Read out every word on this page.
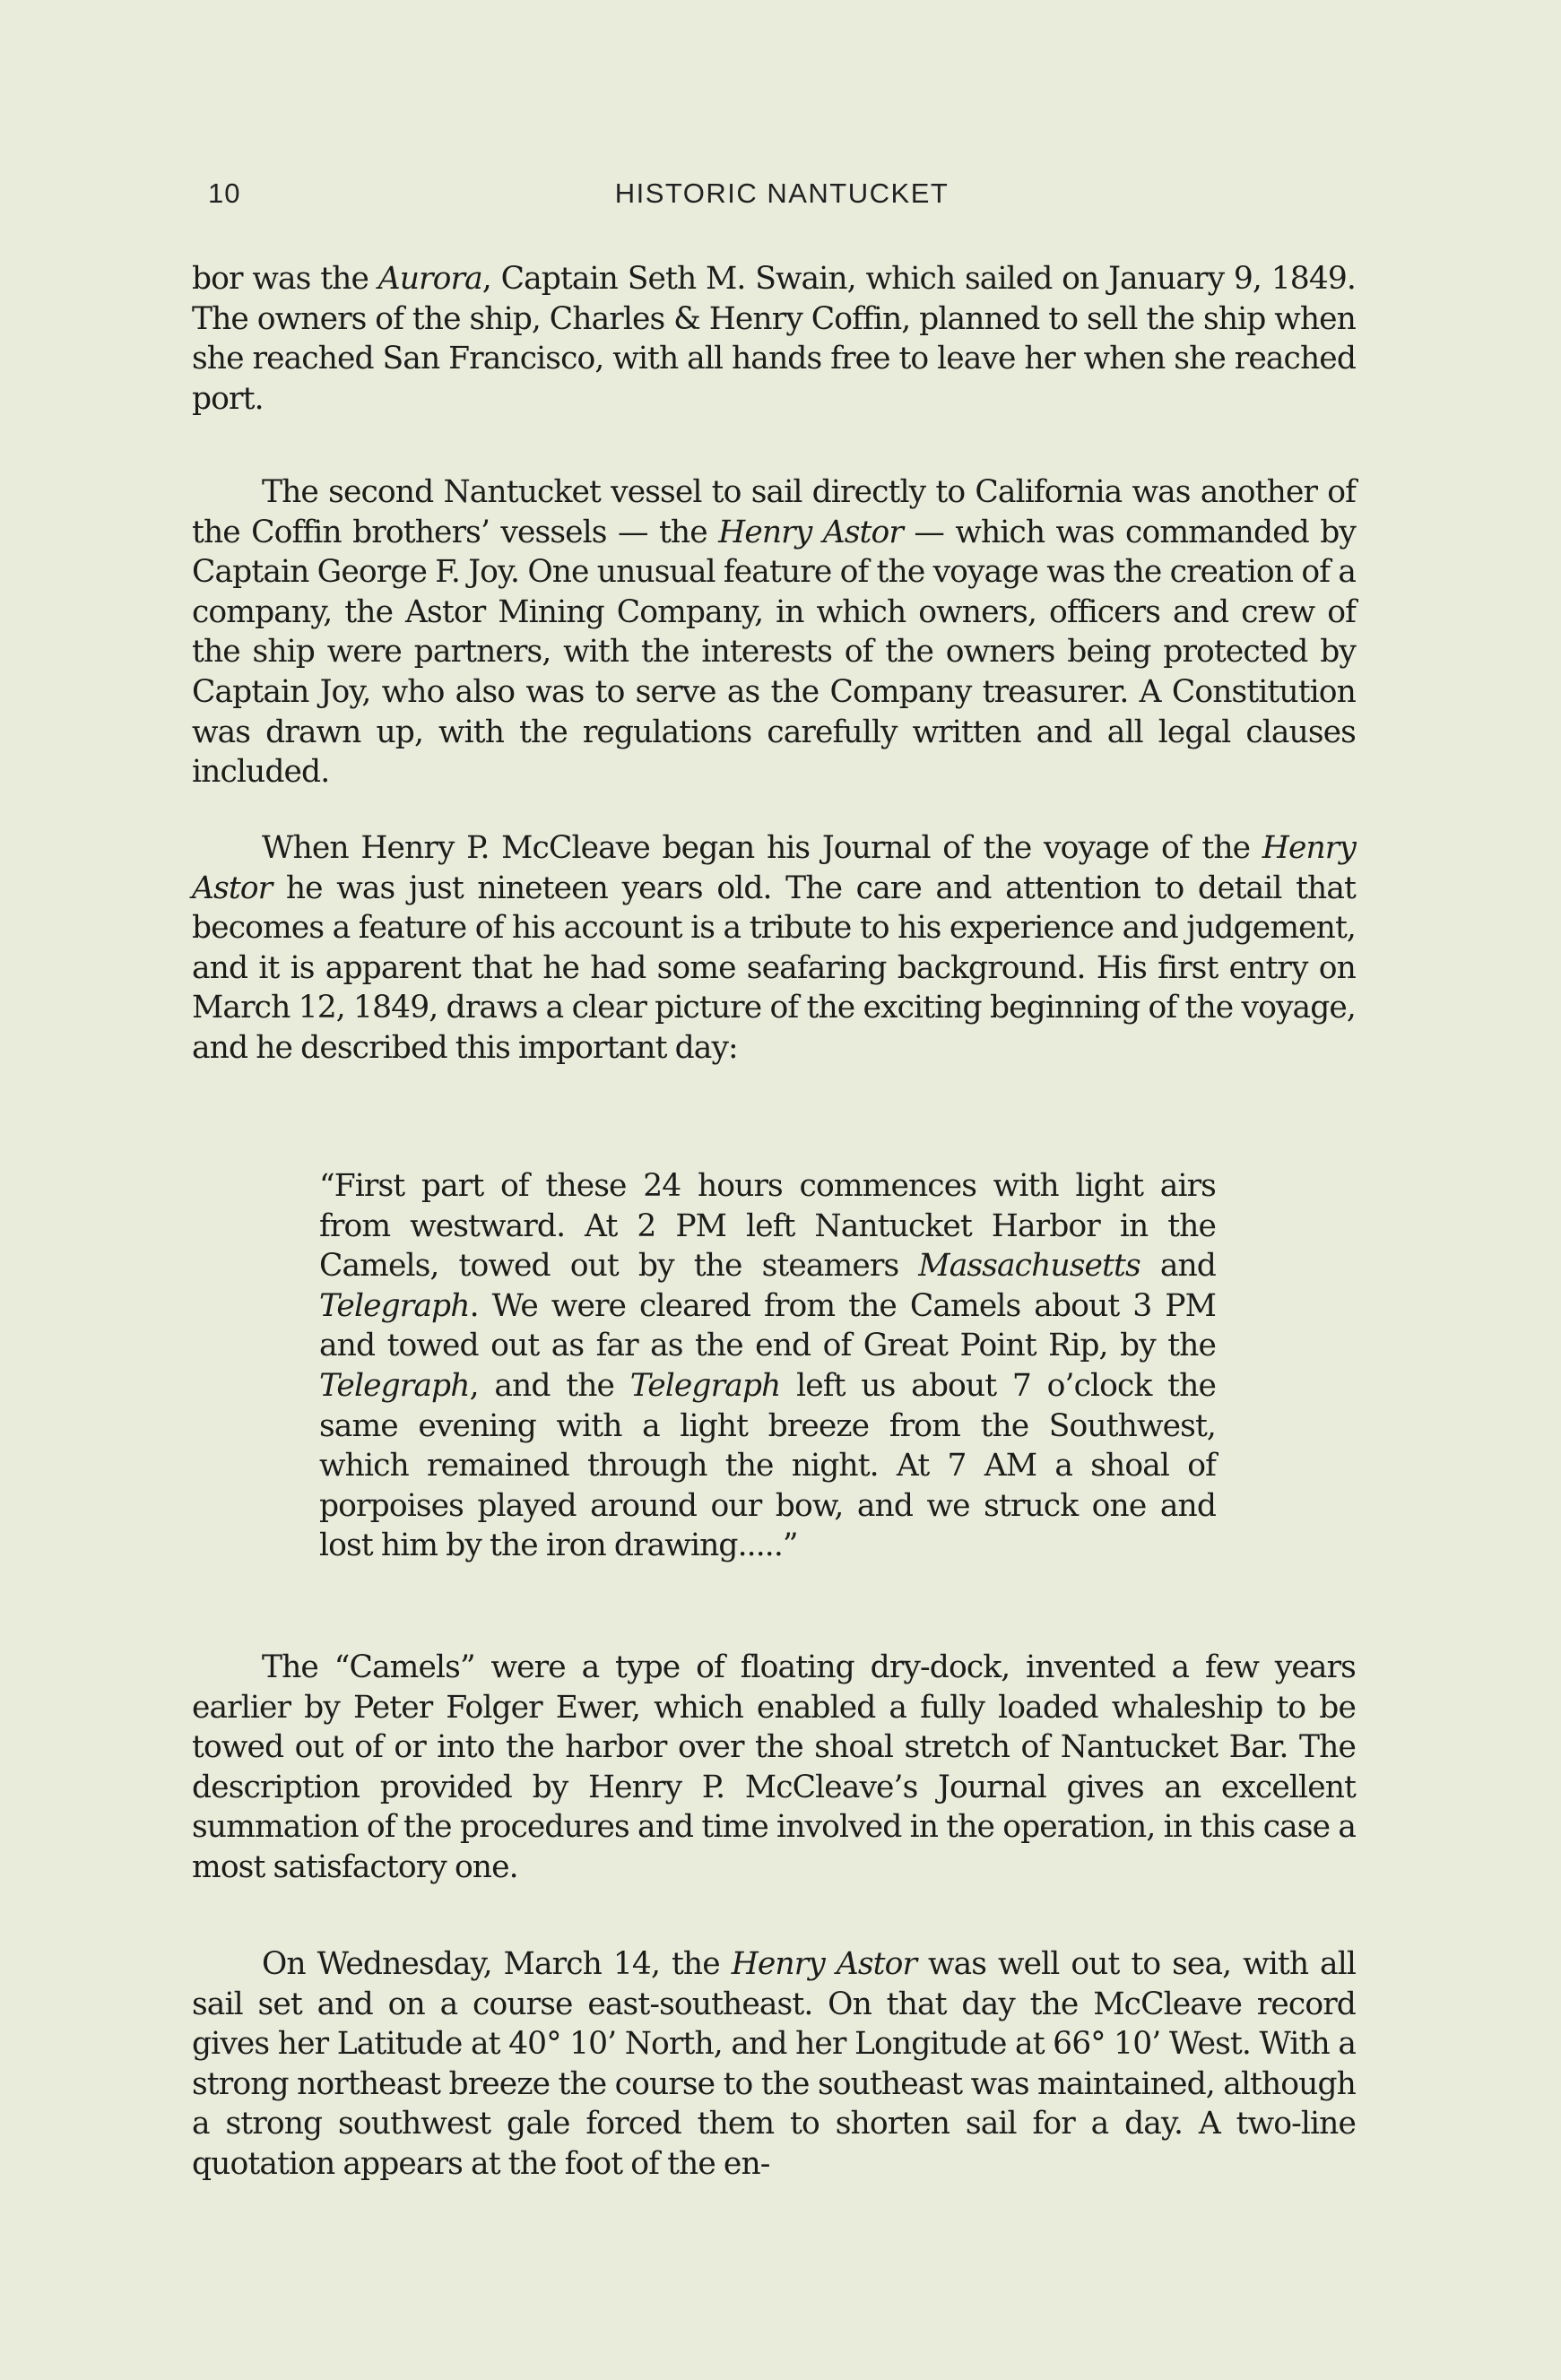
10	HISTORIC NANTUCKET

bor was the Aurora, Captain Seth M. Swain, which sailed on January 9, 1849. The owners of the ship, Charles & Henry Coffin, planned to sell the ship when she reached San Francisco, with all hands free to leave her when she reached port.

The second Nantucket vessel to sail directly to California was another of the Coffin brothers’ vessels — the Henry Astor — which was commanded by Captain George F. Joy. One unusual feature of the voyage was the creation of a company, the Astor Mining Company, in which owners, officers and crew of the ship were partners, with the interests of the owners being protected by Captain Joy, who also was to serve as the Company treasurer. A Constitution was drawn up, with the regulations carefully written and all legal clauses included.

When Henry P. McCleave began his Journal of the voyage of the Henry Astor he was just nineteen years old. The care and attention to detail that becomes a feature of his account is a tribute to his experience and judgement, and it is apparent that he had some seafaring background. His first entry on March 12, 1849, draws a clear picture of the exciting beginning of the voyage, and he described this important day:

“First part of these 24 hours commences with light airs from westward. At 2 PM left Nantucket Harbor in the Camels, towed out by the steamers Massachusetts and Telegraph. We were cleared from the Camels about 3 PM and towed out as far as the end of Great Point Rip, by the Telegraph, and the Telegraph left us about 7 o’clock the same evening with a light breeze from the Southwest, which remained through the night. At 7 AM a shoal of porpoises played around our bow, and we struck one and lost him by the iron drawing.....”

The “Camels” were a type of floating dry-dock, invented a few years earlier by Peter Folger Ewer, which enabled a fully loaded whaleship to be towed out of or into the harbor over the shoal stretch of Nantucket Bar. The description provided by Henry P. McCleave’s Journal gives an excellent summation of the procedures and time involved in the operation, in this case a most satisfactory one.

On Wednesday, March 14, the Henry Astor was well out to sea, with all sail set and on a course east-southeast. On that day the McCleave record gives her Latitude at 40° 10’ North, and her Longitude at 66° 10’ West. With a strong northeast breeze the course to the southeast was maintained, although a strong southwest gale forced them to shorten sail for a day. A two-line quotation appears at the foot of the en-
